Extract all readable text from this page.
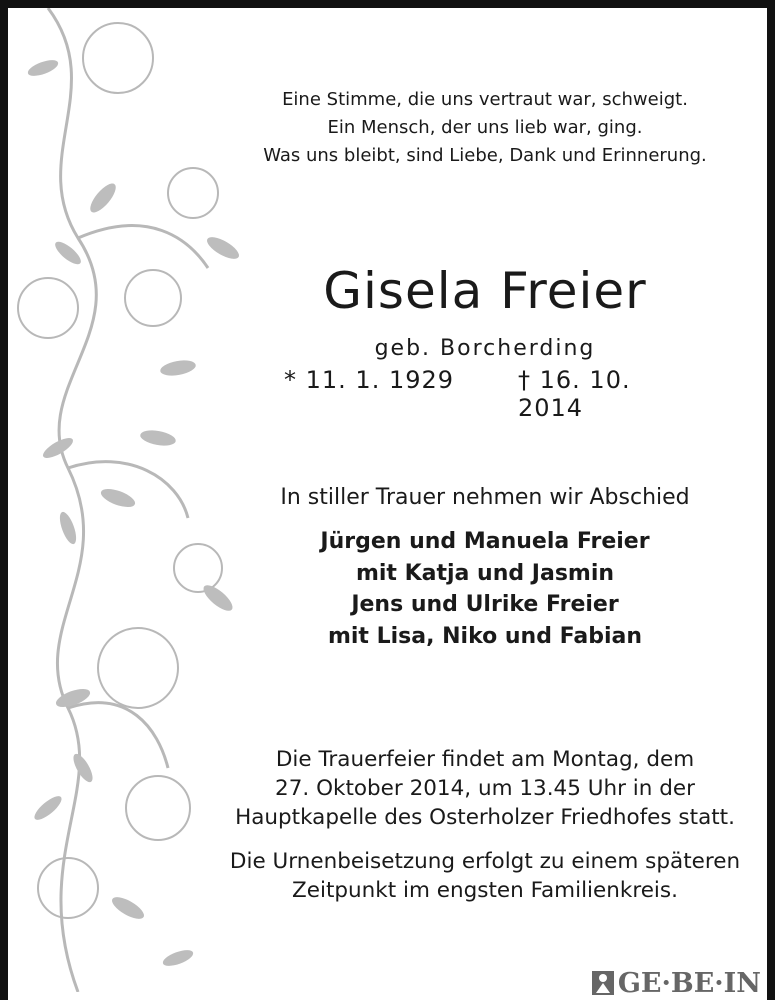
Eine Stimme, die uns vertraut war, schweigt.
Ein Mensch, der uns lieb war, ging.
Was uns bleibt, sind Liebe, Dank und Erinnerung.
Gisela Freier
geb. Borcherding
* 11. 1. 1929	† 16. 10. 2014
In stiller Trauer nehmen wir Abschied
Jürgen und Manuela Freier
mit Katja und Jasmin
Jens und Ulrike Freier
mit Lisa, Niko und Fabian
Die Trauerfeier findet am Montag, dem
27. Oktober 2014, um 13.45 Uhr in der
Hauptkapelle des Osterholzer Friedhofes statt.
Die Urnenbeisetzung erfolgt zu einem späteren
Zeitpunkt im engsten Familienkreis.
GE·BE·IN
